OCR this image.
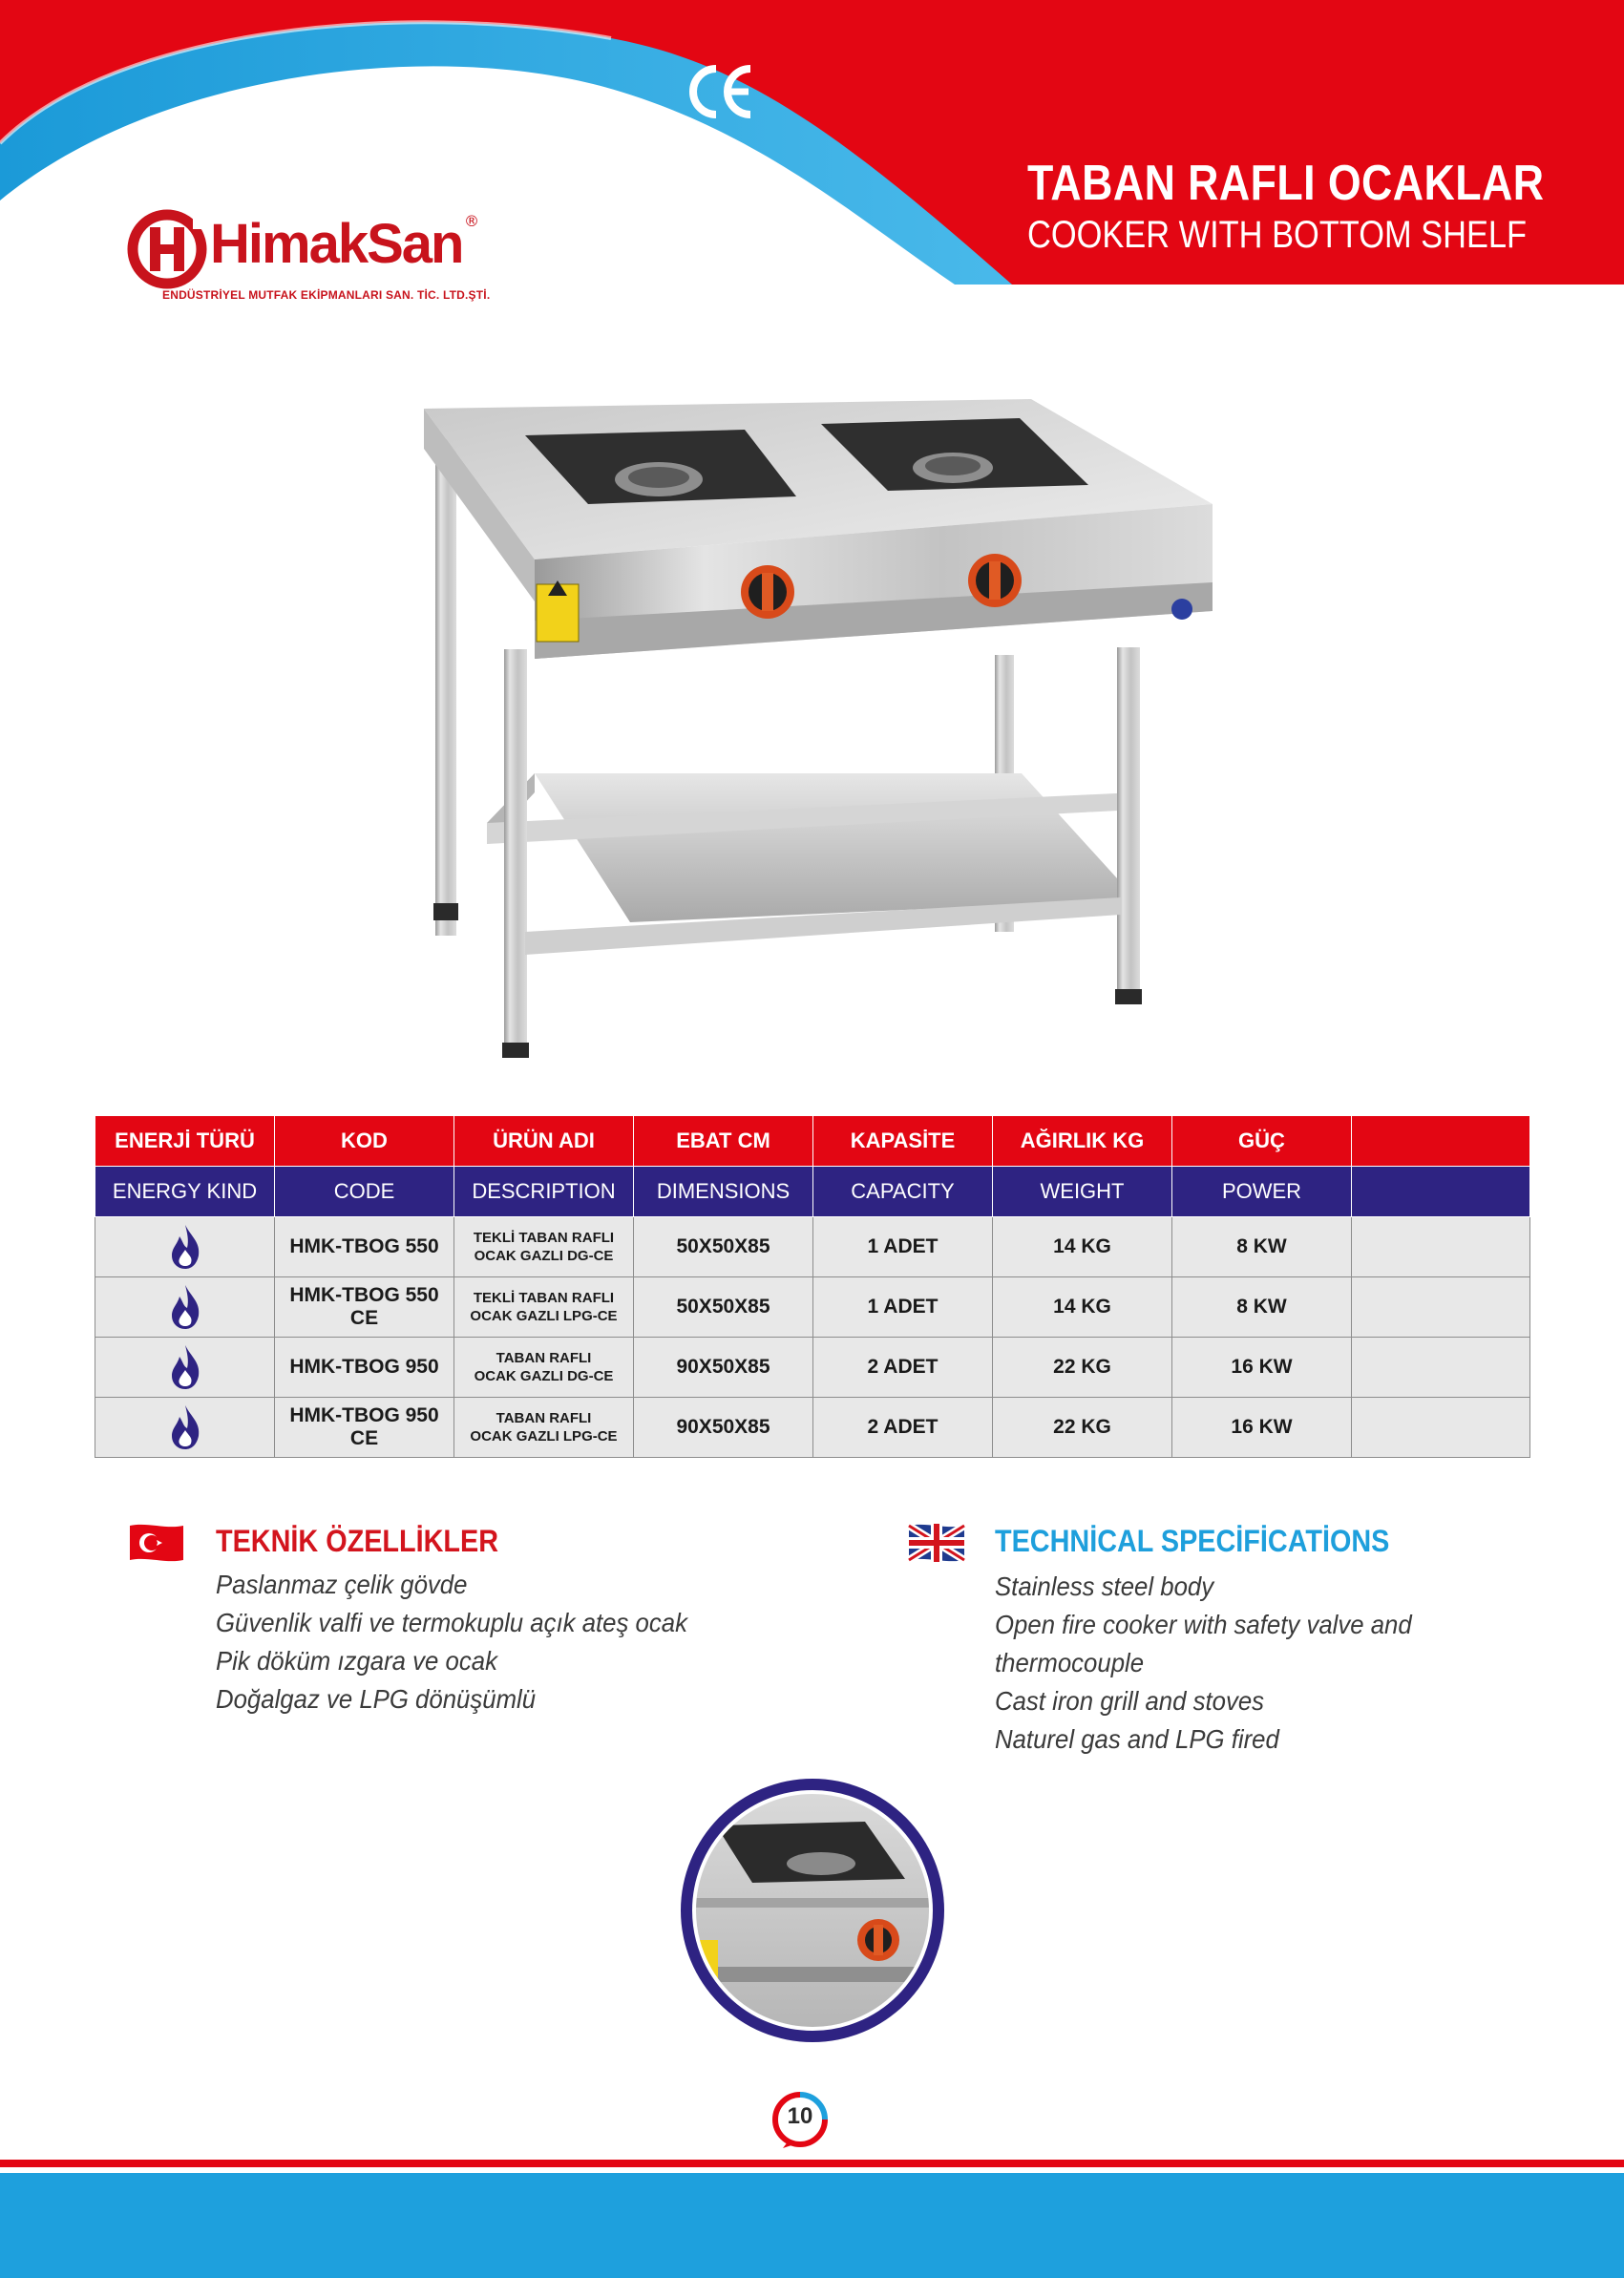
HimakSan ®
ENDÜSTRİYEL MUTFAK EKİPMANLARI SAN. TİC. LTD.ŞTİ.
TABAN RAFLI OCAKLAR
COOKER WITH BOTTOM SHELF
ENERJİ TÜRÜ	KOD	ÜRÜN ADI	EBAT CM	KAPASİTE	AĞIRLIK KG	GÜÇ	
ENERGY KIND	CODE	DESCRIPTION	DIMENSIONS	CAPACITY	WEIGHT	POWER	
	HMK-TBOG 550	TEKLİ TABAN RAFLI
OCAK GAZLI DG-CE	50X50X85	1 ADET	14 KG	8 KW	
	HMK-TBOG 550 CE	TEKLİ TABAN RAFLI
OCAK GAZLI LPG-CE	50X50X85	1 ADET	14 KG	8 KW	
	HMK-TBOG 950	TABAN RAFLI
OCAK GAZLI DG-CE	90X50X85	2 ADET	22 KG	16 KW	
	HMK-TBOG 950 CE	TABAN RAFLI
OCAK GAZLI LPG-CE	90X50X85	2 ADET	22 KG	16 KW	
TEKNİK ÖZELLİKLER
Paslanmaz çelik gövde
Güvenlik valfi ve termokuplu açık ateş ocak
Pik döküm ızgara ve ocak
Doğalgaz ve LPG dönüşümlü
TECHNİCAL SPECİFİCATİONS
Stainless steel body
Open fire cooker with safety valve and
thermocouple
Cast iron grill and stoves
Naturel gas and LPG fired
10
